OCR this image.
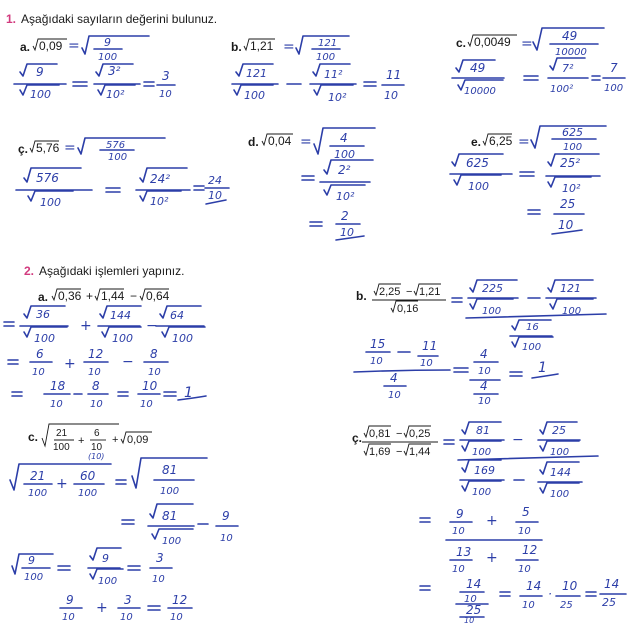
1. Aşağıdaki sayıların değerini bulunuz.
2. Aşağıdaki işlemleri yapınız.
a. 0,09 = 9
100
9
100
3²
10²
3
10
b. 1,21 = 121
100
121
100
11²
10²
11
10
c. 0,0049 = 49
10000
49
10000
7²
100²
7
100
ç. 5,76 =	576
100
576
100
24²
10²
24
10
d. 0,04 = 4
100
2²
10²
2
10
e. 6,25 =
625
100
625
100
25²
10²
25
10
a. 0,36 + 1,44 − 0,64
36
100
+
144
100
−
64
100
6
10
+
12
10
− 8
10
18
10
8
10
10
10
1
b. 2,25 − 1,21
0,16
225
100
121
100
16
100
15
10
11
10
4
10
4
10
4
10
1
c. 21
100
+
6
10
(10)
+ 0,09
21
100
+ 60
100
81
100
81
100
9
10
9
100
9
100
3
10
9
10
+ 3
10
12
10
ç. 0,81 − 0,25
1,69 − 1,44
81
100
−
25
100
169
100
144
100
9
10
+
5
10
13
10
+ 12
10
14
10
25
10
14
10
·
10
25
14
25
